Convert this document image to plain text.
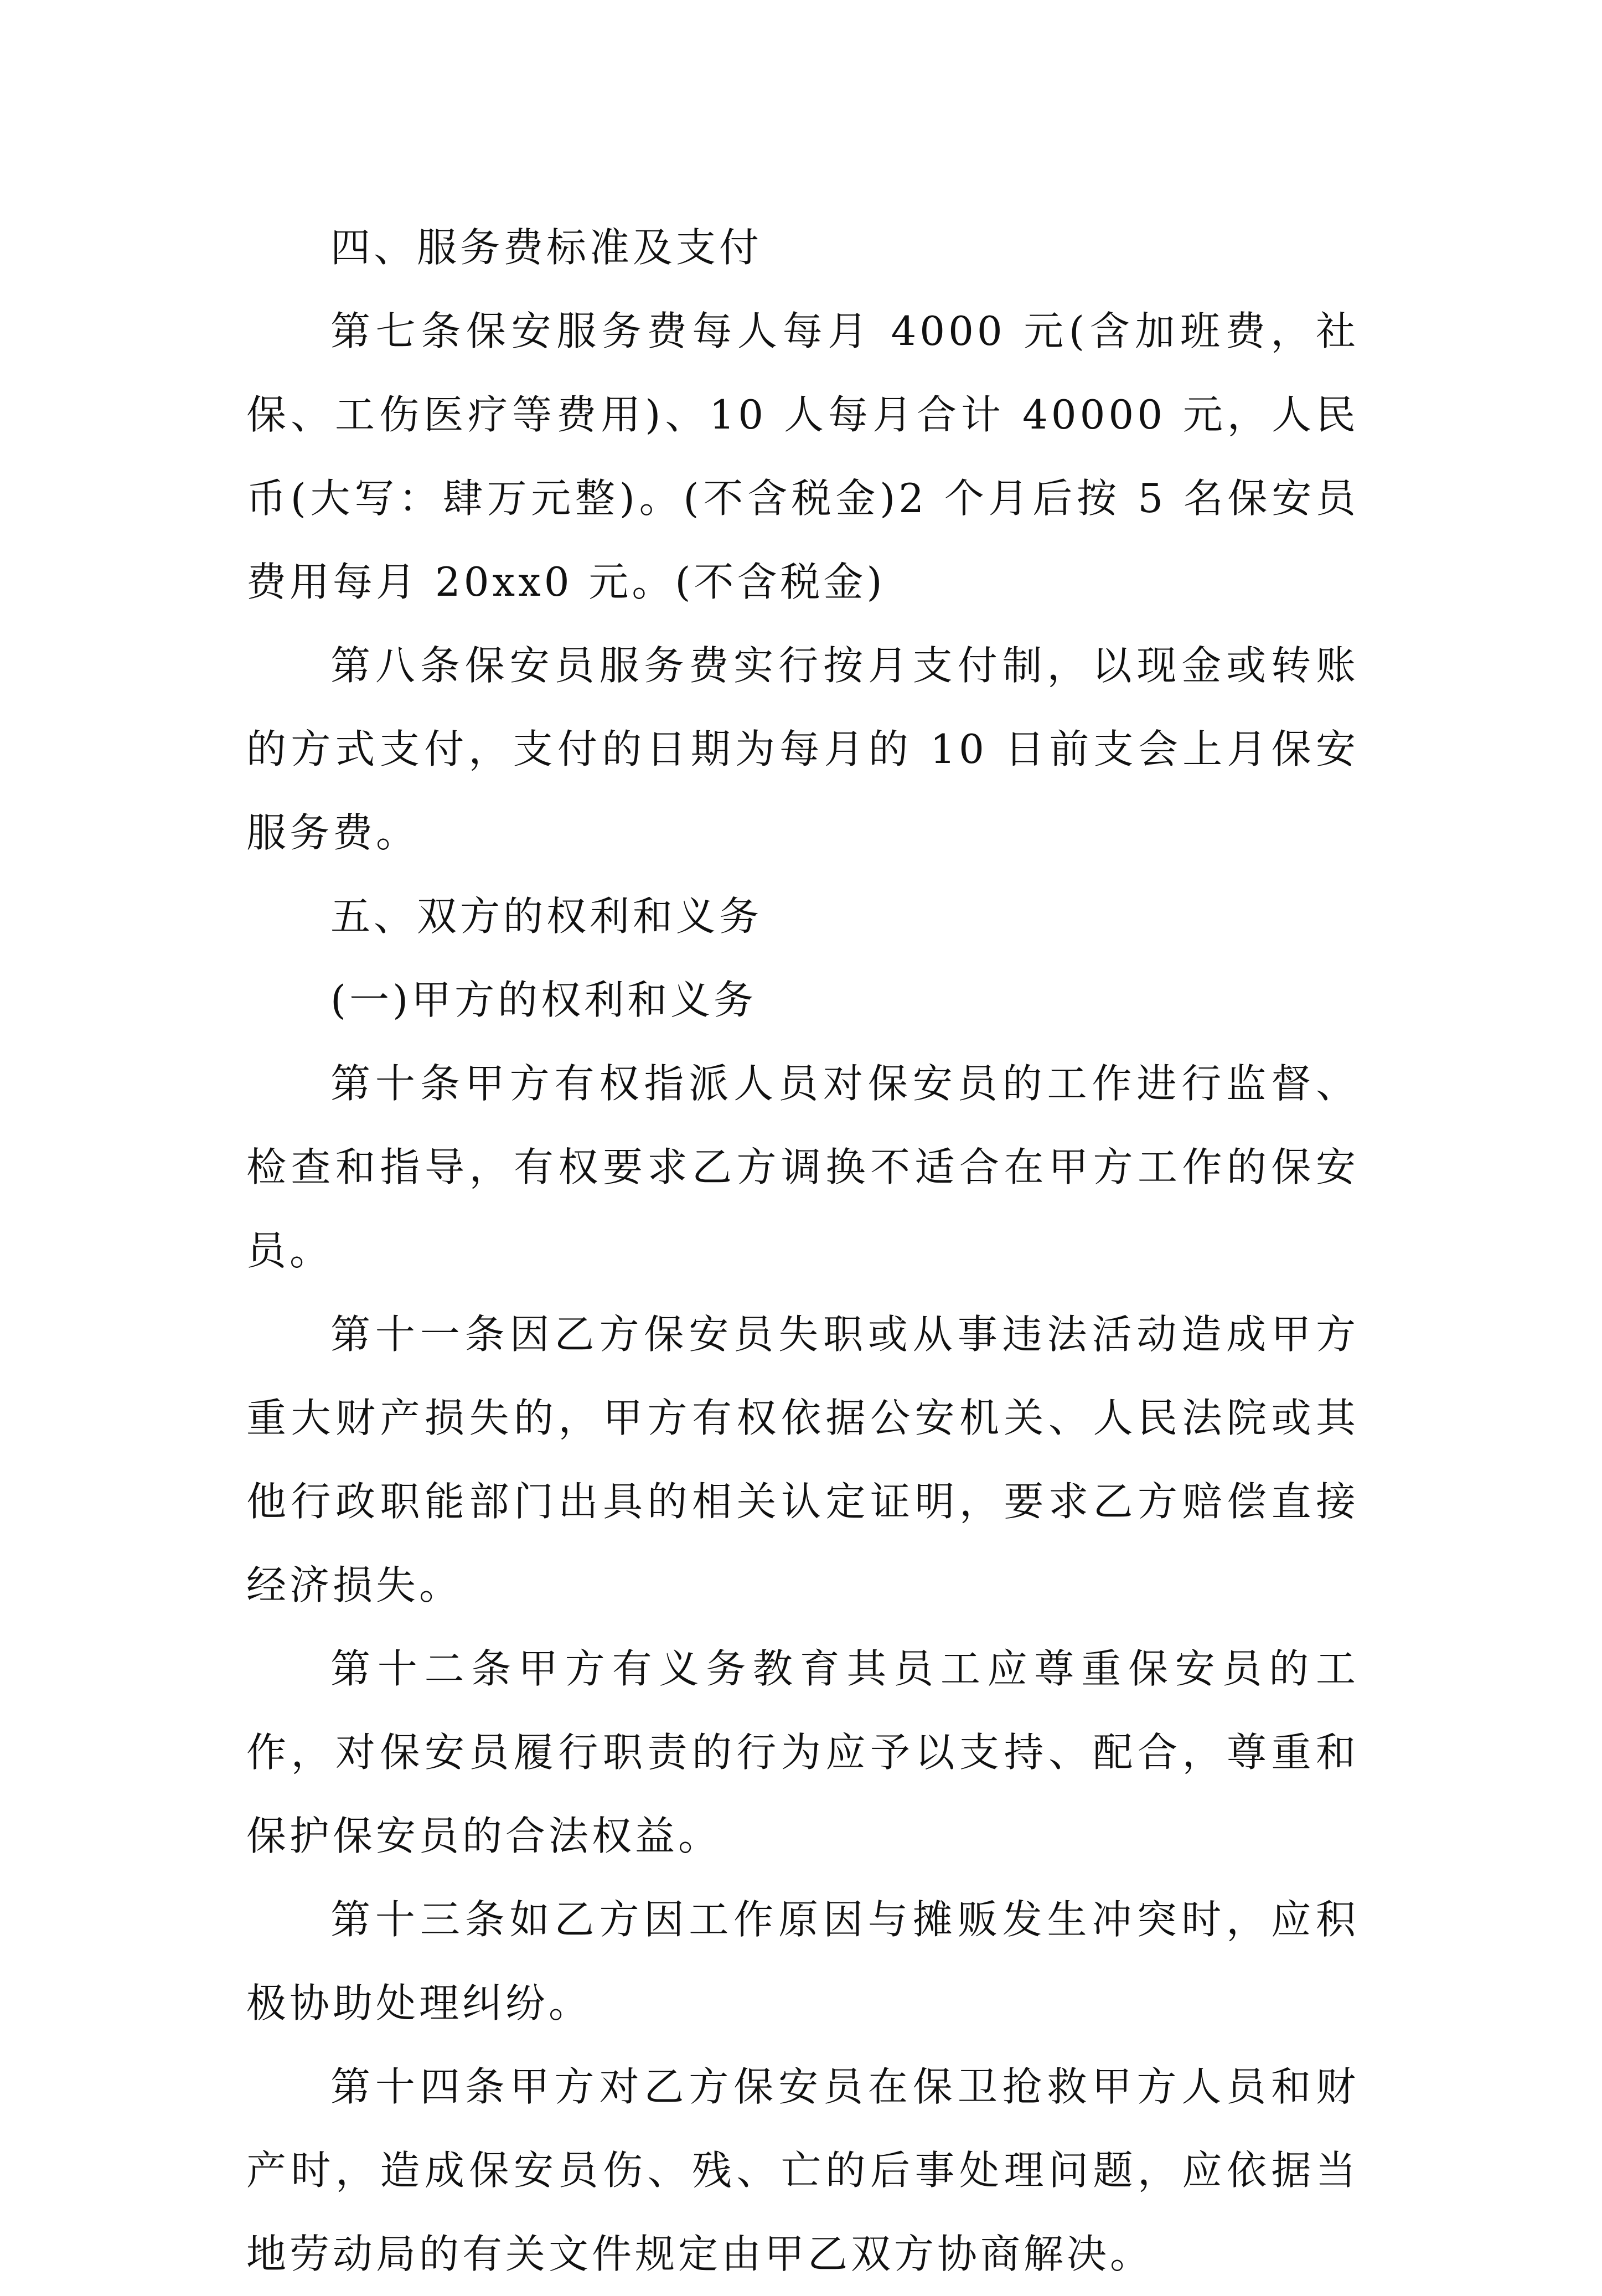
四、服务费标准及支付

第七条保安服务费每人每月 4000 元(含加班费，社保、工伤医疗等费用)、10 人每月合计 40000 元，人民币(大写：肆万元整)。(不含税金)2 个月后按 5 名保安员费用每月 20xx0 元。(不含税金)

第八条保安员服务费实行按月支付制，以现金或转账的方式支付，支付的日期为每月的 10 日前支会上月保安服务费。

五、双方的权利和义务

(一)甲方的权利和义务

第十条甲方有权指派人员对保安员的工作进行监督、检查和指导，有权要求乙方调换不适合在甲方工作的保安员。

第十一条因乙方保安员失职或从事违法活动造成甲方重大财产损失的，甲方有权依据公安机关、人民法院或其他行政职能部门出具的相关认定证明，要求乙方赔偿直接经济损失。

第十二条甲方有义务教育其员工应尊重保安员的工作，对保安员履行职责的行为应予以支持、配合，尊重和保护保安员的合法权益。

第十三条如乙方因工作原因与摊贩发生冲突时，应积极协助处理纠纷。

第十四条甲方对乙方保安员在保卫抢救甲方人员和财产时，造成保安员伤、残、亡的后事处理问题，应依据当地劳动局的有关文件规定由甲乙双方协商解决。
